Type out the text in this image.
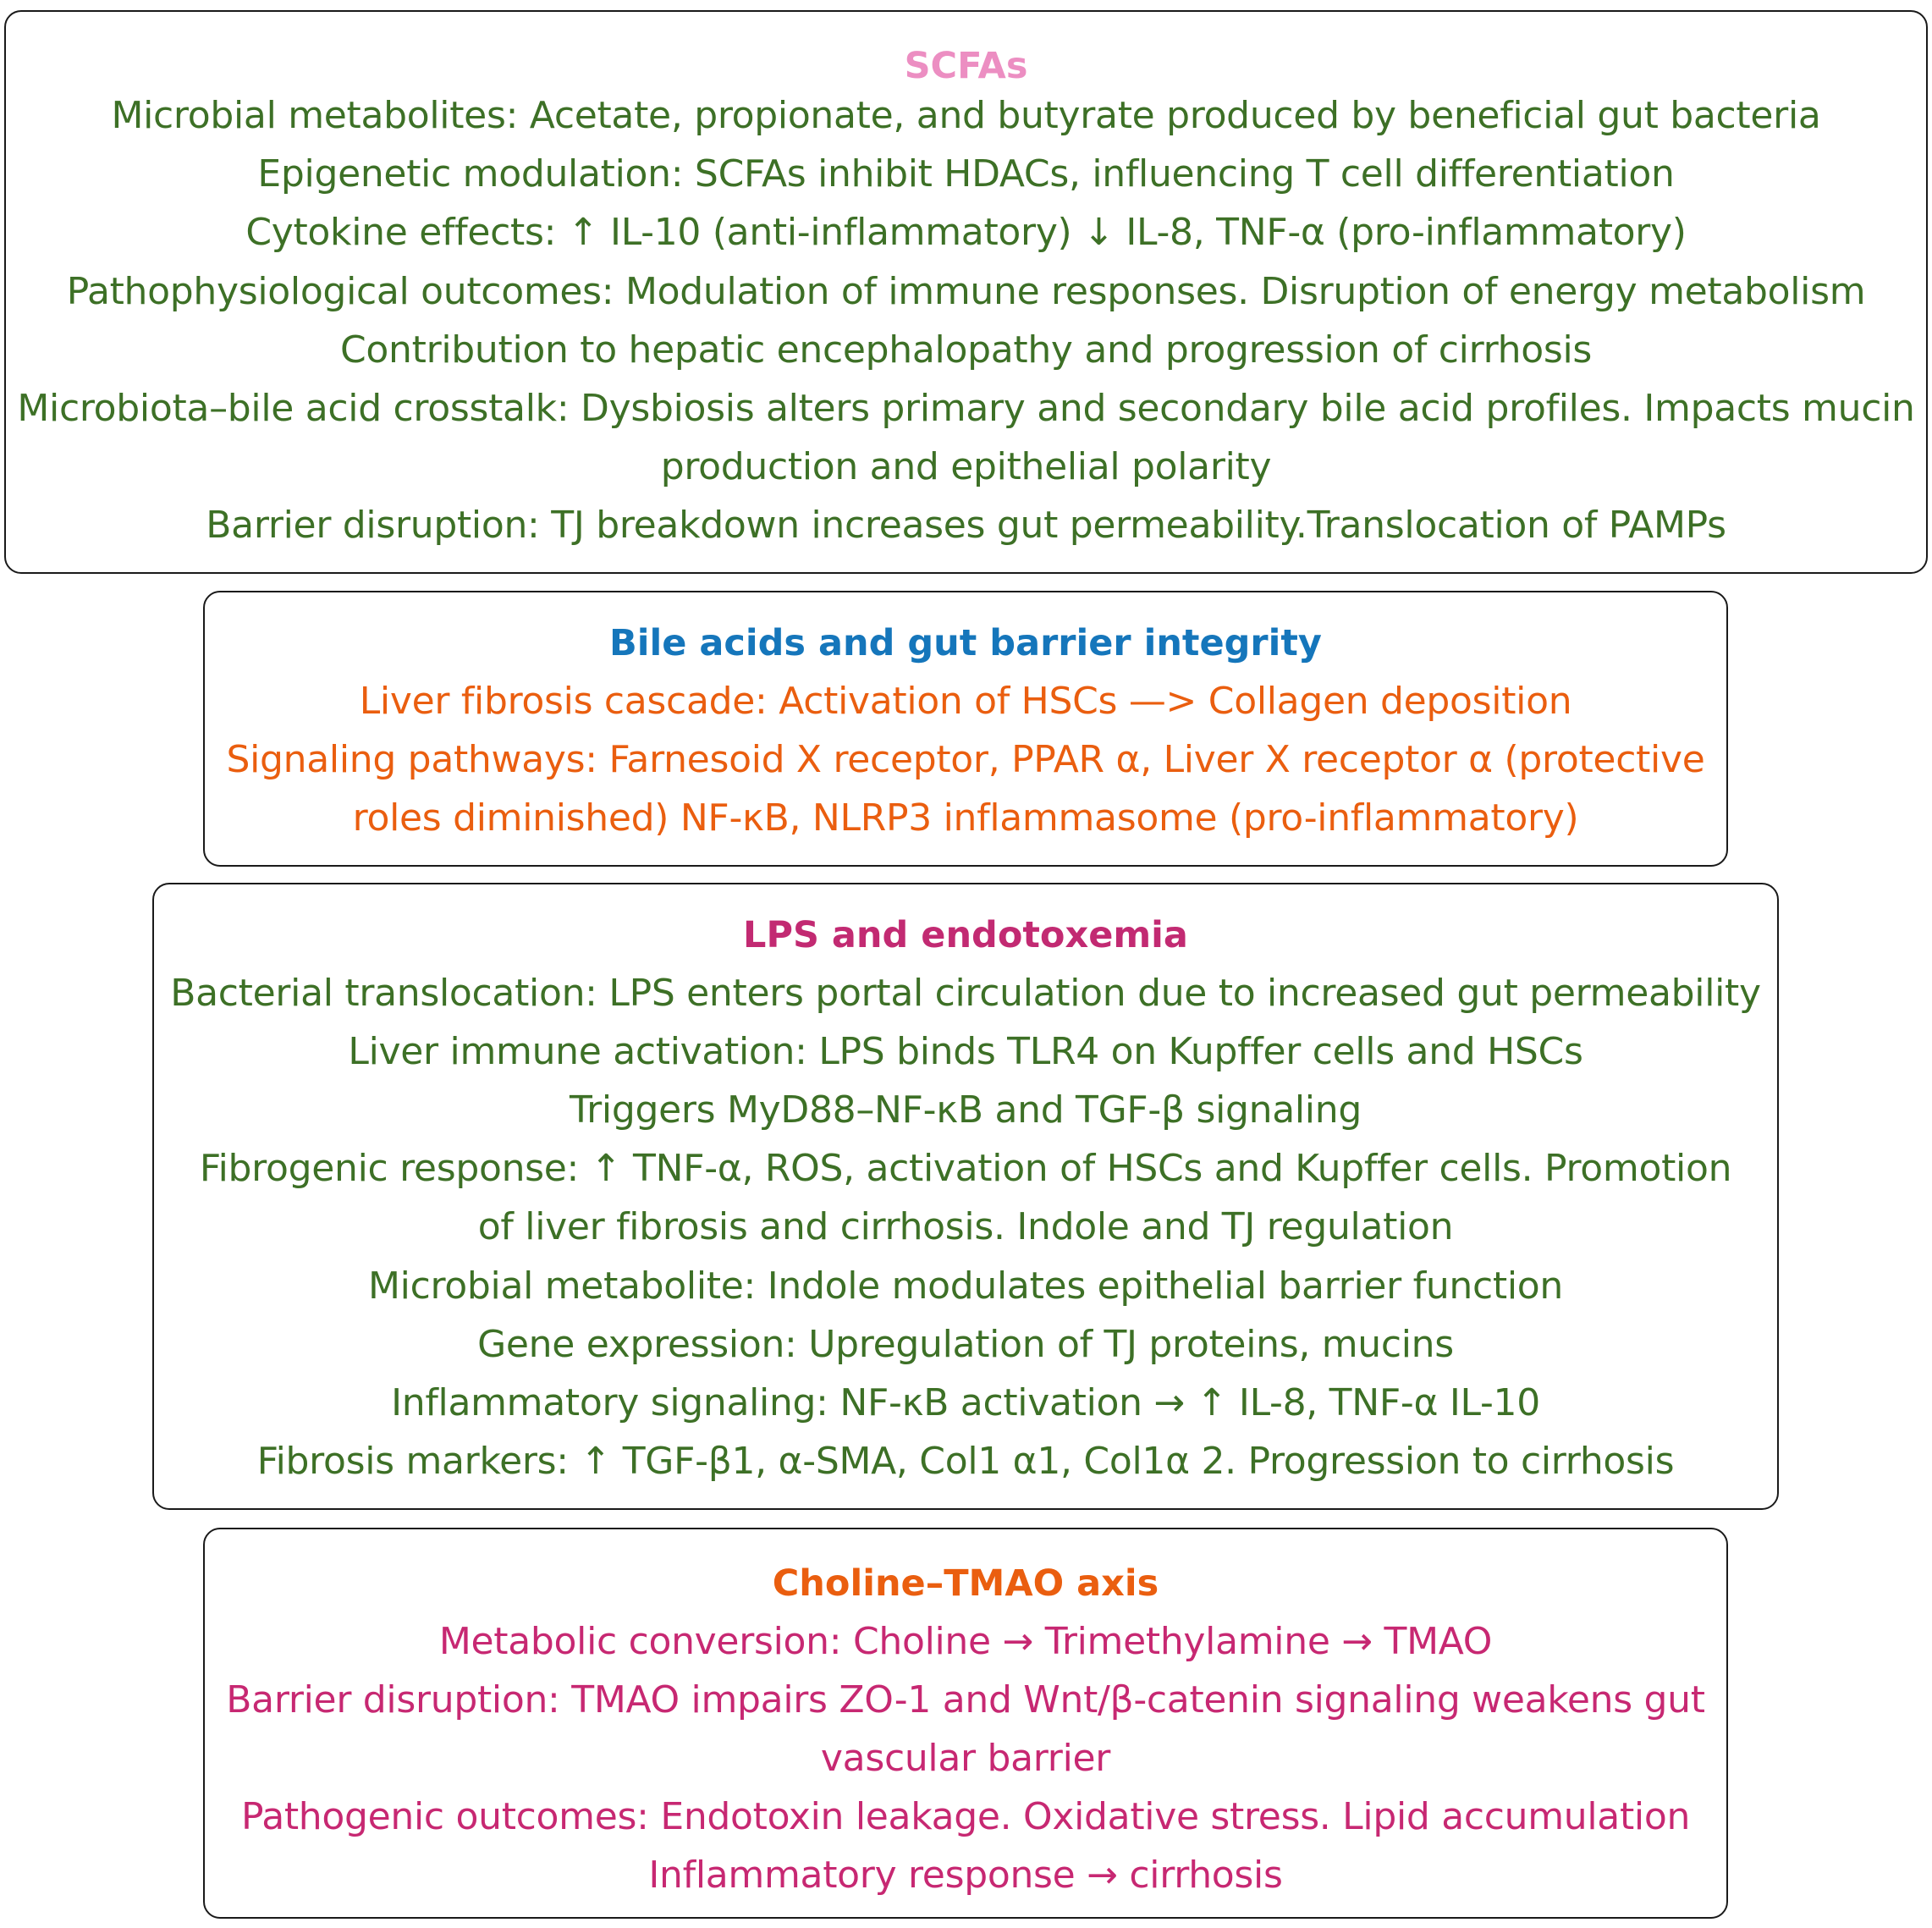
SCFAs

Microbial metabolites: Acetate, propionate, and butyrate produced by beneficial gut bacteria

Epigenetic modulation: SCFAs inhibit HDACs, influencing T cell differentiation

Cytokine effects: ↑ IL-10 (anti-inflammatory) ↓ IL-8, TNF-α (pro-inflammatory)

Pathophysiological outcomes: Modulation of immune responses. Disruption of energy metabolism

Contribution to hepatic encephalopathy and progression of cirrhosis

Microbiota–bile acid crosstalk: Dysbiosis alters primary and secondary bile acid profiles. Impacts mucin

production and epithelial polarity

Barrier disruption: TJ breakdown increases gut permeability.Translocation of PAMPs

Bile acids and gut barrier integrity

Liver fibrosis cascade: Activation of HSCs —> Collagen deposition

Signaling pathways: Farnesoid X receptor, PPAR α, Liver X receptor α (protective

roles diminished) NF-κB, NLRP3 inflammasome (pro-inflammatory)

LPS and endotoxemia

Bacterial translocation: LPS enters portal circulation due to increased gut permeability

Liver immune activation: LPS binds TLR4 on Kupffer cells and HSCs

Triggers MyD88–NF-κB and TGF-β signaling

Fibrogenic response: ↑ TNF-α, ROS, activation of HSCs and Kupffer cells. Promotion

of liver fibrosis and cirrhosis. Indole and TJ regulation

Microbial metabolite: Indole modulates epithelial barrier function

Gene expression: Upregulation of TJ proteins, mucins

Inflammatory signaling: NF-κB activation → ↑ IL-8, TNF-α IL-10

Fibrosis markers: ↑ TGF-β1, α-SMA, Col1 α1, Col1α 2. Progression to cirrhosis

Choline–TMAO axis

Metabolic conversion: Choline → Trimethylamine → TMAO

Barrier disruption: TMAO impairs ZO-1 and Wnt/β-catenin signaling weakens gut

vascular barrier

Pathogenic outcomes: Endotoxin leakage. Oxidative stress. Lipid accumulation

Inflammatory response → cirrhosis
